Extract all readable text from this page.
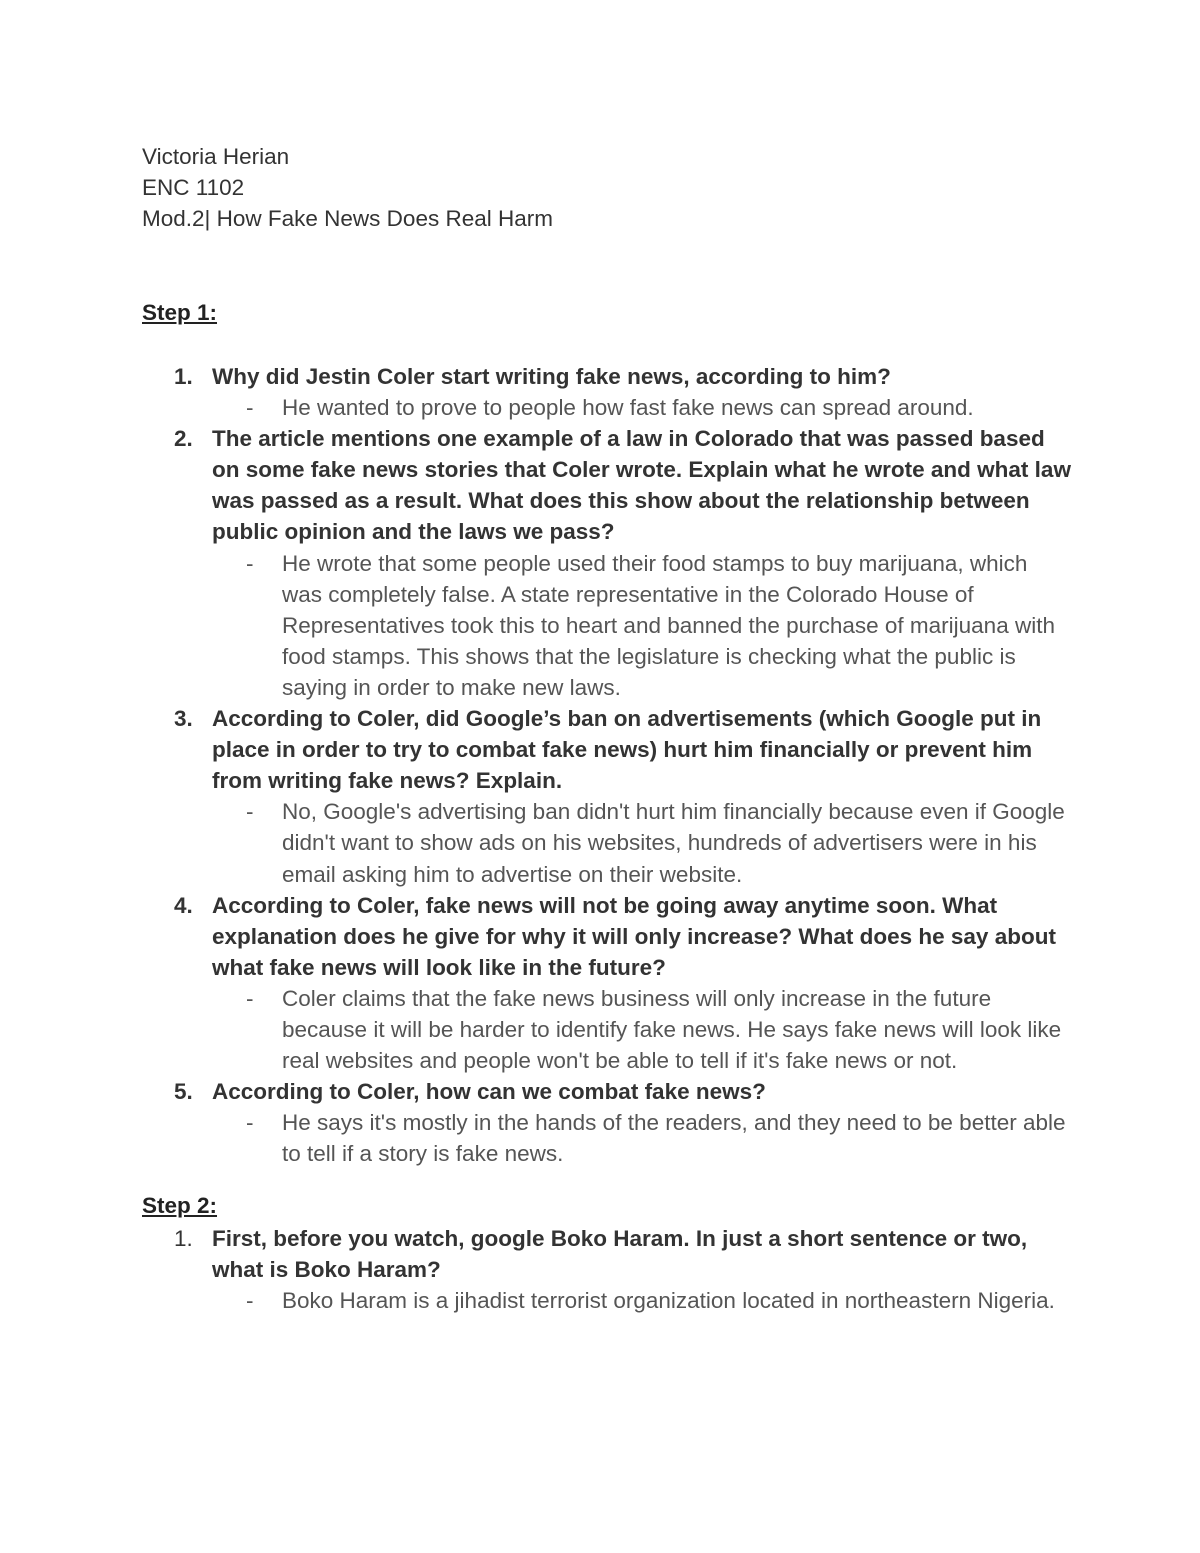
Victoria Herian
ENC 1102
Mod.2| How Fake News Does Real Harm
Step 1:
1. Why did Jestin Coler start writing fake news, according to him?
- He wanted to prove to people how fast fake news can spread around.
2. The article mentions one example of a law in Colorado that was passed based on some fake news stories that Coler wrote. Explain what he wrote and what law was passed as a result. What does this show about the relationship between public opinion and the laws we pass?
- He wrote that some people used their food stamps to buy marijuana, which was completely false. A state representative in the Colorado House of Representatives took this to heart and banned the purchase of marijuana with food stamps. This shows that the legislature is checking what the public is saying in order to make new laws.
3. According to Coler, did Google’s ban on advertisements (which Google put in place in order to try to combat fake news) hurt him financially or prevent him from writing fake news? Explain.
- No, Google's advertising ban didn't hurt him financially because even if Google didn't want to show ads on his websites, hundreds of advertisers were in his email asking him to advertise on their website.
4. According to Coler, fake news will not be going away anytime soon. What explanation does he give for why it will only increase? What does he say about what fake news will look like in the future?
- Coler claims that the fake news business will only increase in the future because it will be harder to identify fake news. He says fake news will look like real websites and people won't be able to tell if it's fake news or not.
5. According to Coler, how can we combat fake news?
- He says it's mostly in the hands of the readers, and they need to be better able to tell if a story is fake news.
Step 2:
1. First, before you watch, google Boko Haram. In just a short sentence or two, what is Boko Haram?
- Boko Haram is a jihadist terrorist organization located in northeastern Nigeria.
